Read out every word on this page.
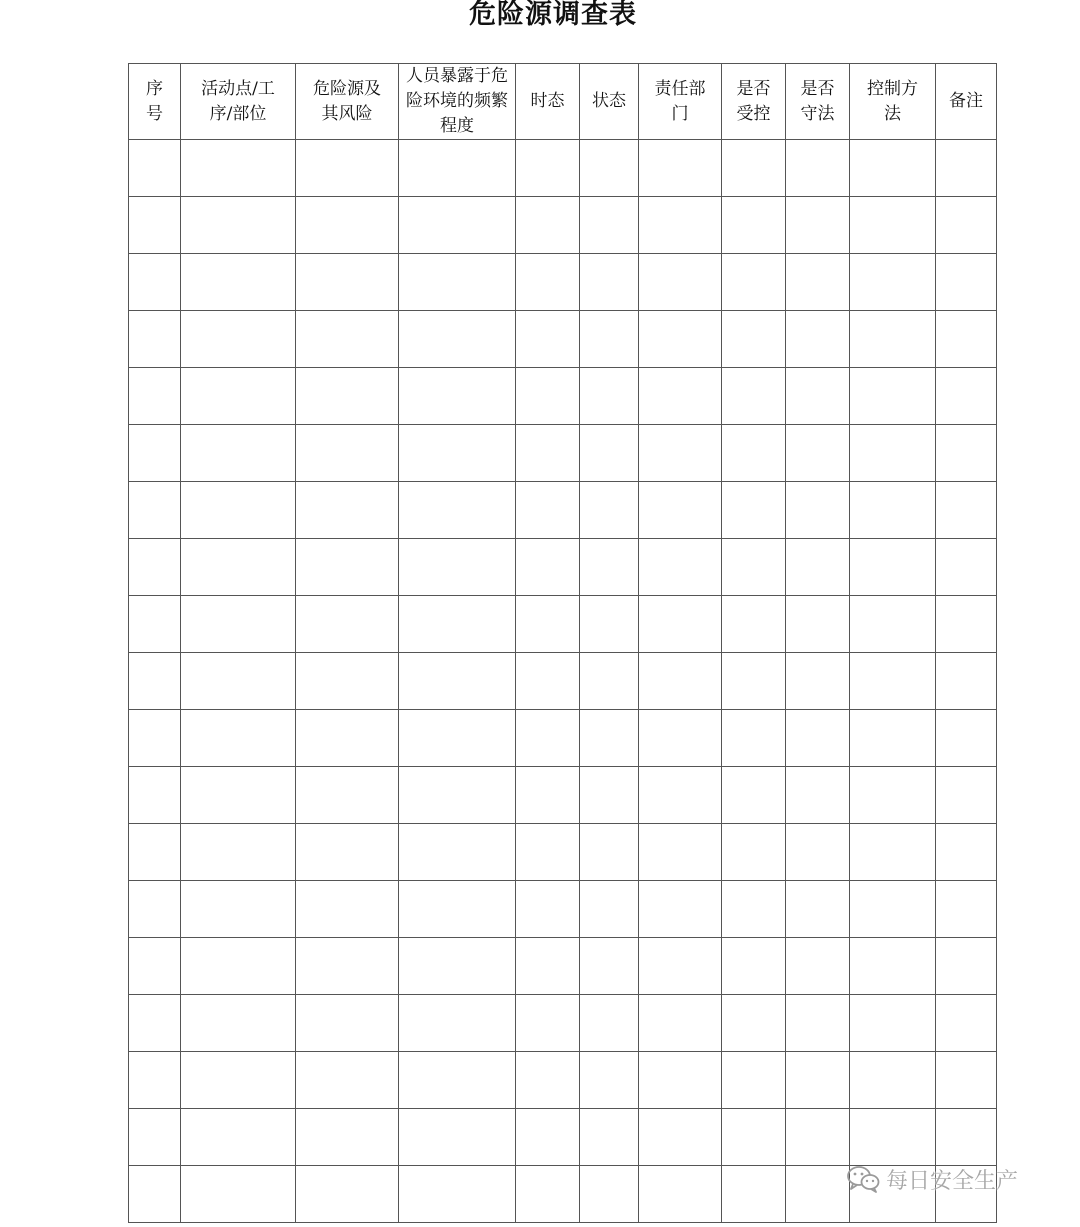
危险源调查表
序号	活动点/工序/部位	危险源及其风险	人员暴露于危险环境的频繁程度	时态	状态	责任部门	是否受控	是否守法	控制方法	备注

每日安全生产
